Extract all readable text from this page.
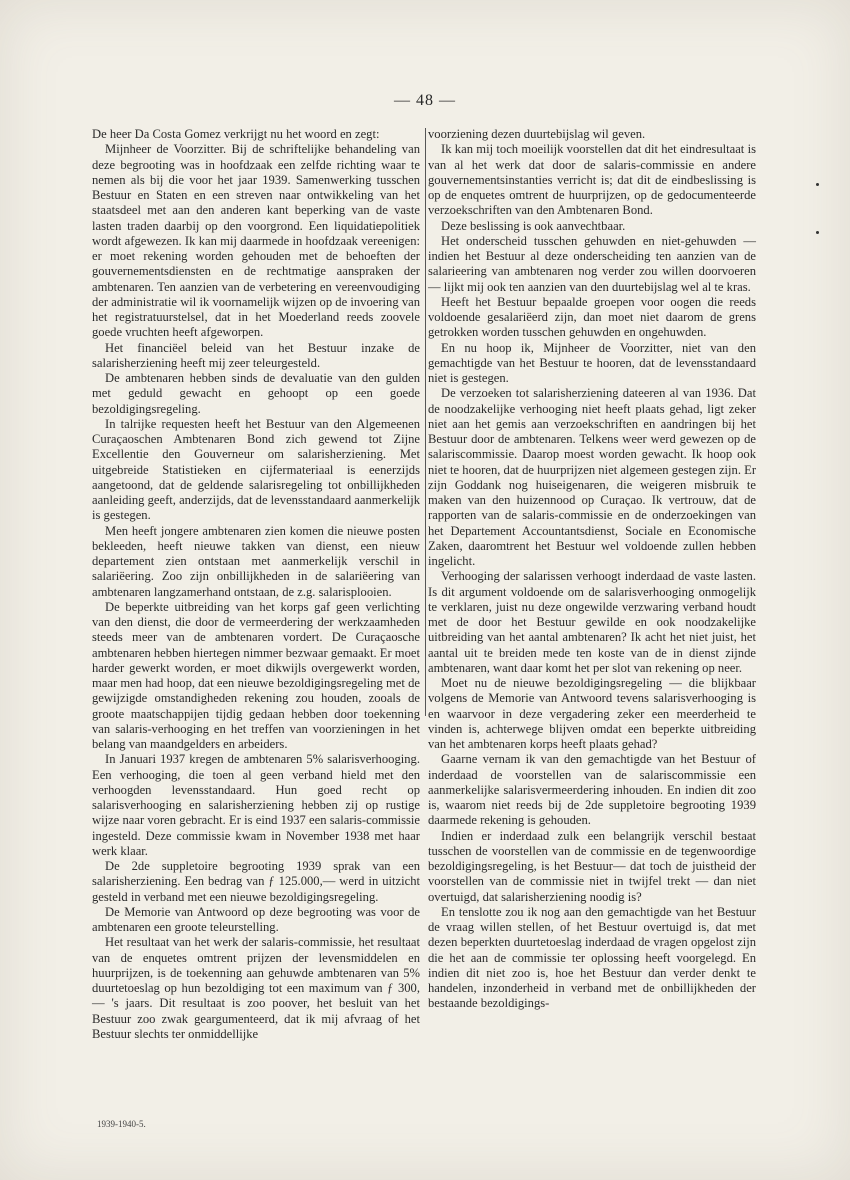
— 48 —

De heer Da Costa Gomez verkrijgt nu het woord en zegt:

Mijnheer de Voorzitter. Bij de schriftelijke behandeling van deze begrooting was in hoofdzaak een zelfde richting waar te nemen als bij die voor het jaar 1939. Samenwerking tusschen Bestuur en Staten en een streven naar ontwikkeling van het staatsdeel met aan den anderen kant beperking van de vaste lasten traden daarbij op den voorgrond. Een liquidatiepolitiek wordt afgewezen. Ik kan mij daarmede in hoofdzaak vereenigen: er moet rekening worden gehouden met de behoeften der gouvernementsdiensten en de rechtmatige aanspraken der ambtenaren. Ten aanzien van de verbetering en vereenvoudiging der administratie wil ik voornamelijk wijzen op de invoering van het registratuurstelsel, dat in het Moederland reeds zoovele goede vruchten heeft afgeworpen.

Het financiëel beleid van het Bestuur inzake de salarisherziening heeft mij zeer teleurgesteld.

De ambtenaren hebben sinds de devaluatie van den gulden met geduld gewacht en gehoopt op een goede bezoldigingsregeling.

In talrijke requesten heeft het Bestuur van den Algemeenen Curaçaoschen Ambtenaren Bond zich gewend tot Zijne Excellentie den Gouverneur om salarisherziening. Met uitgebreide Statistieken en cijfermateriaal is eenerzijds aangetoond, dat de geldende salarisregeling tot onbillijkheden aanleiding geeft, anderzijds, dat de levensstandaard aanmerkelijk is gestegen.

Men heeft jongere ambtenaren zien komen die nieuwe posten bekleeden, heeft nieuwe takken van dienst, een nieuw departement zien ontstaan met aanmerkelijk verschil in salariëering. Zoo zijn onbillijkheden in de salariëering van ambtenaren langzamerhand ontstaan, de z.g. salarisplooien.

De beperkte uitbreiding van het korps gaf geen verlichting van den dienst, die door de vermeerdering der werkzaamheden steeds meer van de ambtenaren vordert. De Curaçaosche ambtenaren hebben hiertegen nimmer bezwaar gemaakt. Er moet harder gewerkt worden, er moet dikwijls overgewerkt worden, maar men had hoop, dat een nieuwe bezoldigingsregeling met de gewijzigde omstandigheden rekening zou houden, zooals de groote maatschappijen tijdig gedaan hebben door toekenning van salaris-verhooging en het treffen van voorzieningen in het belang van maandgelders en arbeiders.

In Januari 1937 kregen de ambtenaren 5% salarisverhooging. Een verhooging, die toen al geen verband hield met den verhoogden levensstandaard. Hun goed recht op salarisverhooging en salarisherziening hebben zij op rustige wijze naar voren gebracht. Er is eind 1937 een salaris-commissie ingesteld. Deze commissie kwam in November 1938 met haar werk klaar.

De 2de suppletoire begrooting 1939 sprak van een salarisherziening. Een bedrag van ƒ 125.000,— werd in uitzicht gesteld in verband met een nieuwe bezoldigingsregeling.

De Memorie van Antwoord op deze begrooting was voor de ambtenaren een groote teleurstelling.

Het resultaat van het werk der salaris-commissie, het resultaat van de enquetes omtrent prijzen der levensmiddelen en huurprijzen, is de toekenning aan gehuwde ambtenaren van 5% duurtetoeslag op hun bezoldiging tot een maximum van ƒ 300,— 's jaars. Dit resultaat is zoo poover, het besluit van het Bestuur zoo zwak geargumenteerd, dat ik mij afvraag of het Bestuur slechts ter onmiddellijke

voorziening dezen duurtebijslag wil geven.

Ik kan mij toch moeilijk voorstellen dat dit het eindresultaat is van al het werk dat door de salaris-commissie en andere gouvernementsinstanties verricht is; dat dit de eindbeslissing is op de enquetes omtrent de huurprijzen, op de gedocumenteerde verzoekschriften van den Ambtenaren Bond.

Deze beslissing is ook aanvechtbaar.

Het onderscheid tusschen gehuwden en niet-gehuwden — indien het Bestuur al deze onderscheiding ten aanzien van de salarieering van ambtenaren nog verder zou willen doorvoeren — lijkt mij ook ten aanzien van den duurtebijslag wel al te kras.

Heeft het Bestuur bepaalde groepen voor oogen die reeds voldoende gesalariëerd zijn, dan moet niet daarom de grens getrokken worden tusschen gehuwden en ongehuwden.

En nu hoop ik, Mijnheer de Voorzitter, niet van den gemachtigde van het Bestuur te hooren, dat de levensstandaard niet is gestegen.

De verzoeken tot salarisherziening dateeren al van 1936. Dat de noodzakelijke verhooging niet heeft plaats gehad, ligt zeker niet aan het gemis aan verzoekschriften en aandringen bij het Bestuur door de ambtenaren. Telkens weer werd gewezen op de salariscommissie. Daarop moest worden gewacht. Ik hoop ook niet te hooren, dat de huurprijzen niet algemeen gestegen zijn. Er zijn Goddank nog huiseigenaren, die weigeren misbruik te maken van den huizennood op Curaçao. Ik vertrouw, dat de rapporten van de salaris-commissie en de onderzoekingen van het Departement Accountantsdienst, Sociale en Economische Zaken, daaromtrent het Bestuur wel voldoende zullen hebben ingelicht.

Verhooging der salarissen verhoogt inderdaad de vaste lasten. Is dit argument voldoende om de salarisverhooging onmogelijk te verklaren, juist nu deze ongewilde verzwaring verband houdt met de door het Bestuur gewilde en ook noodzakelijke uitbreiding van het aantal ambtenaren? Ik acht het niet juist, het aantal uit te breiden mede ten koste van de in dienst zijnde ambtenaren, want daar komt het per slot van rekening op neer.

Moet nu de nieuwe bezoldigingsregeling — die blijkbaar volgens de Memorie van Antwoord tevens salarisverhooging is en waarvoor in deze vergadering zeker een meerderheid te vinden is, achterwege blijven omdat een beperkte uitbreiding van het ambtenaren korps heeft plaats gehad?

Gaarne vernam ik van den gemachtigde van het Bestuur of inderdaad de voorstellen van de salariscommissie een aanmerkelijke salarisvermeerdering inhouden. En indien dit zoo is, waarom niet reeds bij de 2de suppletoire begrooting 1939 daarmede rekening is gehouden.

Indien er inderdaad zulk een belangrijk verschil bestaat tusschen de voorstellen van de commissie en de tegenwoordige bezoldigingsregeling, is het Bestuur— dat toch de juistheid der voorstellen van de commissie niet in twijfel trekt — dan niet overtuigd, dat salarisherziening noodig is?

En tenslotte zou ik nog aan den gemachtigde van het Bestuur de vraag willen stellen, of het Bestuur overtuigd is, dat met dezen beperkten duurtetoeslag inderdaad de vragen opgelost zijn die het aan de commissie ter oplossing heeft voorgelegd. En indien dit niet zoo is, hoe het Bestuur dan verder denkt te handelen, inzonderheid in verband met de onbillijkheden der bestaande bezoldigings-

1939-1940-5.
